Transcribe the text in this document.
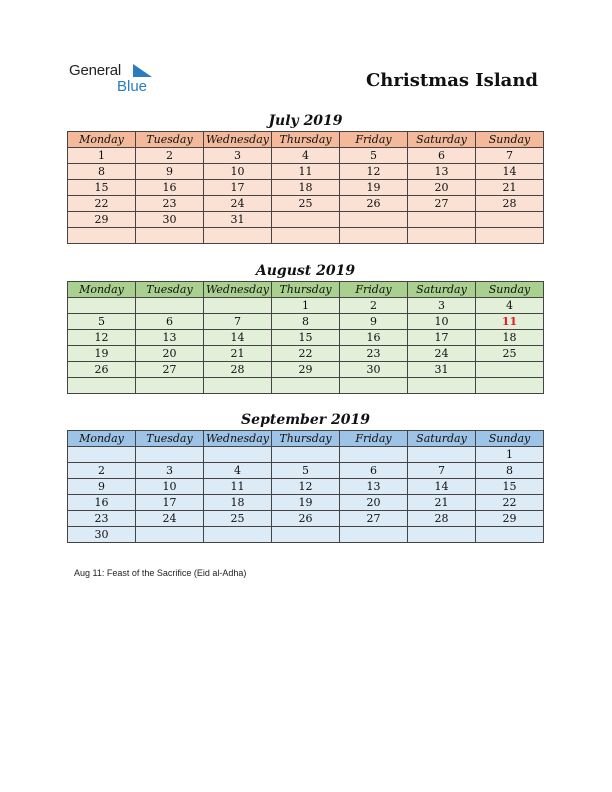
General
Blue	Christmas Island
July 2019
Monday	Tuesday	Wednesday	Thursday	Friday	Saturday	Sunday
1	2	3	4	5	6	7
8	9	10	11	12	13	14
15	16	17	18	19	20	21
22	23	24	25	26	27	28
29	30	31				

August 2019
Monday	Tuesday	Wednesday	Thursday	Friday	Saturday	Sunday
			1	2	3	4
5	6	7	8	9	10	11
12	13	14	15	16	17	18
19	20	21	22	23	24	25
26	27	28	29	30	31	

September 2019
Monday	Tuesday	Wednesday	Thursday	Friday	Saturday	Sunday
						1
2	3	4	5	6	7	8
9	10	11	12	13	14	15
16	17	18	19	20	21	22
23	24	25	26	27	28	29
30						
Aug 11: Feast of the Sacrifice (Eid al-Adha)
